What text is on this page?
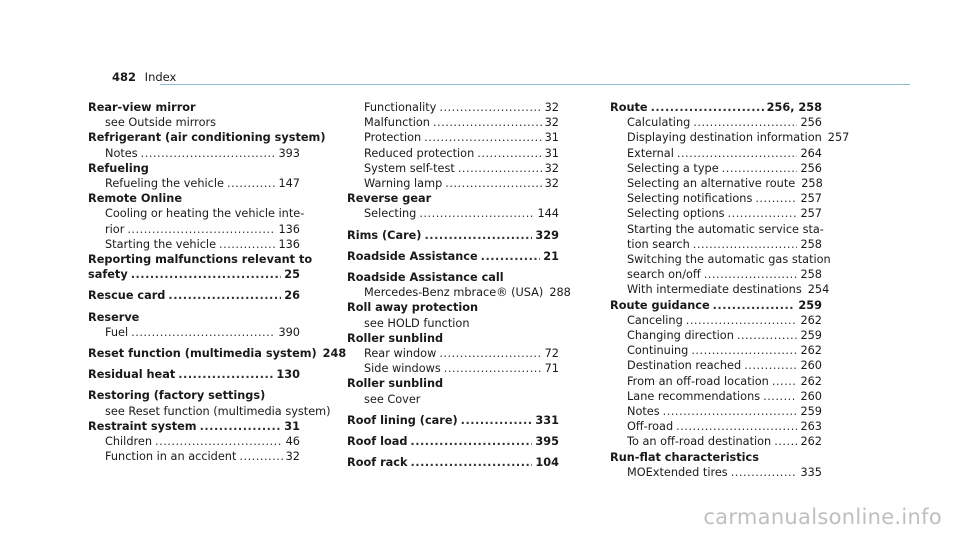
482 Index
Rear-view mirror
see Outside mirrors
Refrigerant (air conditioning system)
Notes .....	393
Refueling
Refueling the vehicle .....	147
Remote Online
Cooling or heating the vehicle inte-
rior .....	136
Starting the vehicle .....	136
Reporting malfunctions relevant to
safety .....	25
Rescue card .....	26
Reserve
Fuel .....	390
Reset function (multimedia system) 248
Residual heat .....	130
Restoring (factory settings)
see Reset function (multimedia system)
Restraint system .....	31
Children .....	46
Function in an accident .....	32
Functionality .....	32
Malfunction .....	32
Protection .....	31
Reduced protection .....	31
System self-test .....	32
Warning lamp .....	32
Reverse gear
Selecting .....	144
Rims (Care) .....	329
Roadside Assistance .....	21
Roadside Assistance call
Mercedes-Benz mbrace® (USA) 288
Roll away protection
see HOLD function
Roller sunblind
Rear window .....	72
Side windows .....	71
Roller sunblind
see Cover
Roof lining (care) .....	331
Roof load .....	395
Roof rack .....	104
Route .....	256, 258
Calculating .....	256
Displaying destination information 257
External .....	264
Selecting a type .....	256
Selecting an alternative route 258
Selecting notifications .....	257
Selecting options .....	257
Starting the automatic service sta-
tion search .....	258
Switching the automatic gas station
search on/off .....	258
With intermediate destinations 254
Route guidance .....	259
Canceling .....	262
Changing direction .....	259
Continuing .....	262
Destination reached .....	260
From an off-road location .....	262
Lane recommendations .....	260
Notes .....	259
Off-road .....	263
To an off-road destination .....	262
Run-flat characteristics
MOExtended tires .....	335
carmanualsonline.info
